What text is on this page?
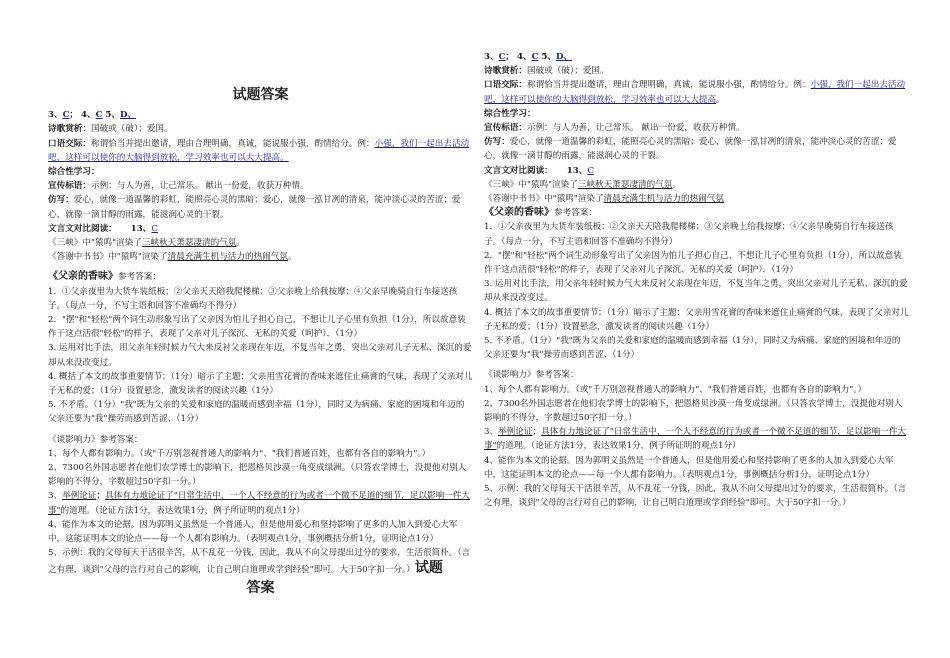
试题答案

3、C； 4、C 5、D、

诗歌赏析：国破或（破）；爱国。

口语交际：称谓恰当并提出邀请，理由合理明确，真诚，能说服小强，酌情给分。例：小强，我们一起出去活动吧，这样可以使你的大脑得到放松，学习效率也可以大大提高。

综合性学习：

宣传标语：示例：与人为善，让己常乐。 献出一份爱，收获万种情。

仿写：爱心，就像一道温馨的彩虹，能照亮心灵的黑暗；爱心，就像一泓甘冽的清泉，能冲淡心灵的苦涩；爱心，就像一滴甘醇的雨露，能滋润心灵的干裂。

文言文对比阅读： 13、C

《三峡》中"猿鸣"渲染了三峡秋天萧瑟凄清的气氛。

《答谢中书书》中"猿鸣"渲染了清晨充满生机与活力的热闹气氛。

《父亲的香味》参考答案：

1．①父亲夜里为大货车装纸板；②父亲天天陪我爬楼梯；③父亲晚上给我按摩；④父亲早晚骑自行车接送孩子。（每点一分，不写主语和回答不准确均不得分）

2．"摆"和"轻松"两个词生动形象写出了父亲因为怕儿子担心自己，不想让儿子心里有负担（1分），所以故意装作干这点活很"轻松"的样子，表现了父亲对儿子深沉、无私的关爱（呵护）．（1分）

3. 运用对比手法，用父亲年轻时候力气大来反衬父亲现在年迈，不复当年之勇，突出父亲对儿子无私、深沉的爱却从来没改变过。

4. 概括了本文的故事重要情节；（1分）暗示了主题：父亲用雪花膏的香味来遮住止痛膏的气味，表现了父亲对儿子无私的爱；（1分）设置悬念，激发读者的阅读兴趣（1分）

5. 不矛盾。（1分）"我"既为父亲的关爱和家庭的温暖而感到幸福（1分），同时又为病痛、家庭的困境和年迈的父亲还要为"我"操劳而感到苦涩、（1分）

《谈影响力》参考答案：

1、每个人都有影响力。（或"千万别忽视普通人的影响力"、"我们普通百姓，也都有各自的影响力"。）

2、7300名外国志愿者在他们农学博士的影响下，把恩格贝沙漠一角变成绿洲。（只答农学博士，没提他对别人影响的不得分，字数超过50字扣一分。）

3、举例论证；具体有力地论证了"日常生活中，一个人不经意的行为或者一个微不足道的细节，足以影响一件大事"的道理。（论证方法1分，表达效果1分，例子所证明的观点1分）

4、能作为本文的论据。因为郭明义虽然是一个普通人，但是他用爱心和坚持影响了更多的人加入到爱心大军中，这能证明本文的论点——每一个人都有影响力。（表明观点1分，事例概括分析1分，证明论点1分）

5、示例：我的父母每天干活很辛苦，从不乱花一分钱，因此，我从不向父母提出过分的要求，生活很简朴。（言之有理，谈到"父母的言行对自己的影响，让自己明白道理或学到经验"即可。大于50字扣一分。）试题

答案

3、C； 4、C 5、D、

诗歌赏析：国破或（破）；爱国。

口语交际：称谓恰当并提出邀请，理由合理明确，真诚，能说服小强，酌情给分。例：小强，我们一起出去活动吧，这样可以使你的大脑得到放松，学习效率也可以大大提高。

综合性学习：

宣传标语：示例：与人为善，让己常乐。 献出一份爱，收获万种情。

仿写：爱心，就像一道温馨的彩虹，能照亮心灵的黑暗；爱心，就像一泓甘冽的清泉，能冲淡心灵的苦涩；爱心，就像一滴甘醇的雨露，能滋润心灵的干裂。

文言文对比阅读： 13、C

《三峡》中"猿鸣"渲染了三峡秋天萧瑟凄清的气氛。

《答谢中书书》中"猿鸣"渲染了清晨充满生机与活力的热闹气氛

《父亲的香味》参考答案：

1．①父亲夜里为大货车装纸板；②父亲天天陪我爬楼梯；③父亲晚上给我按摩；④父亲早晚骑自行车接送孩子。（每点一分，不写主语和回答不准确均不得分）

2．"摆"和"轻松"两个词生动形象写出了父亲因为怕儿子担心自己，不想让儿子心里有负担（1分），所以故意装作干这点活很"轻松"的样子，表现了父亲对儿子深沉、无私的关爱（呵护）．（1分）

3. 运用对比手法，用父亲年轻时候力气大来反衬父亲现在年迈，不复当年之勇，突出父亲对儿子无私、深沉的爱却从来没改变过。

4. 概括了本文的故事重要情节；（1分）暗示了主题：父亲用雪花膏的香味来遮住止痛膏的气味，表现了父亲对儿子无私的爱；（1分）设置悬念，激发读者的阅读兴趣（1分）

5. 不矛盾。（1分）"我"既为父亲的关爱和家庭的温暖而感到幸福（1分），同时又为病痛、家庭的困境和年迈的父亲还要为"我"操劳而感到苦涩、（1分）

《谈影响力》参考答案：

1、每个人都有影响力。（或"千万别忽视普通人的影响力"、"我们普通百姓，也都有各自的影响力"。）

2、7300名外国志愿者在他们农学博士的影响下，把恩格贝沙漠一角变成绿洲。（只答农学博士，没提他对别人影响的不得分，字数超过50字扣一分。）

3、举例论证；具体有力地论证了"日常生活中，一个人不经意的行为或者一个微不足道的细节，足以影响一件大事"的道理。（论证方法1分，表达效果1分，例子所证明的观点1分）

4、能作为本文的论据。因为郭明义虽然是一个普通人，但是他用爱心和坚持影响了更多的人加入到爱心大军中，这能证明本文的论点——每一个人都有影响力。（表明观点1分，事例概括分析1分，证明论点1分）

5、示例：我的父母每天干活很辛苦，从不乱花一分钱，因此，我从不向父母提出过分的要求，生活很简朴。（言之有理，谈到"父母的言行对自己的影响，让自己明白道理或学到经验"即可。大于50字扣一分。）
